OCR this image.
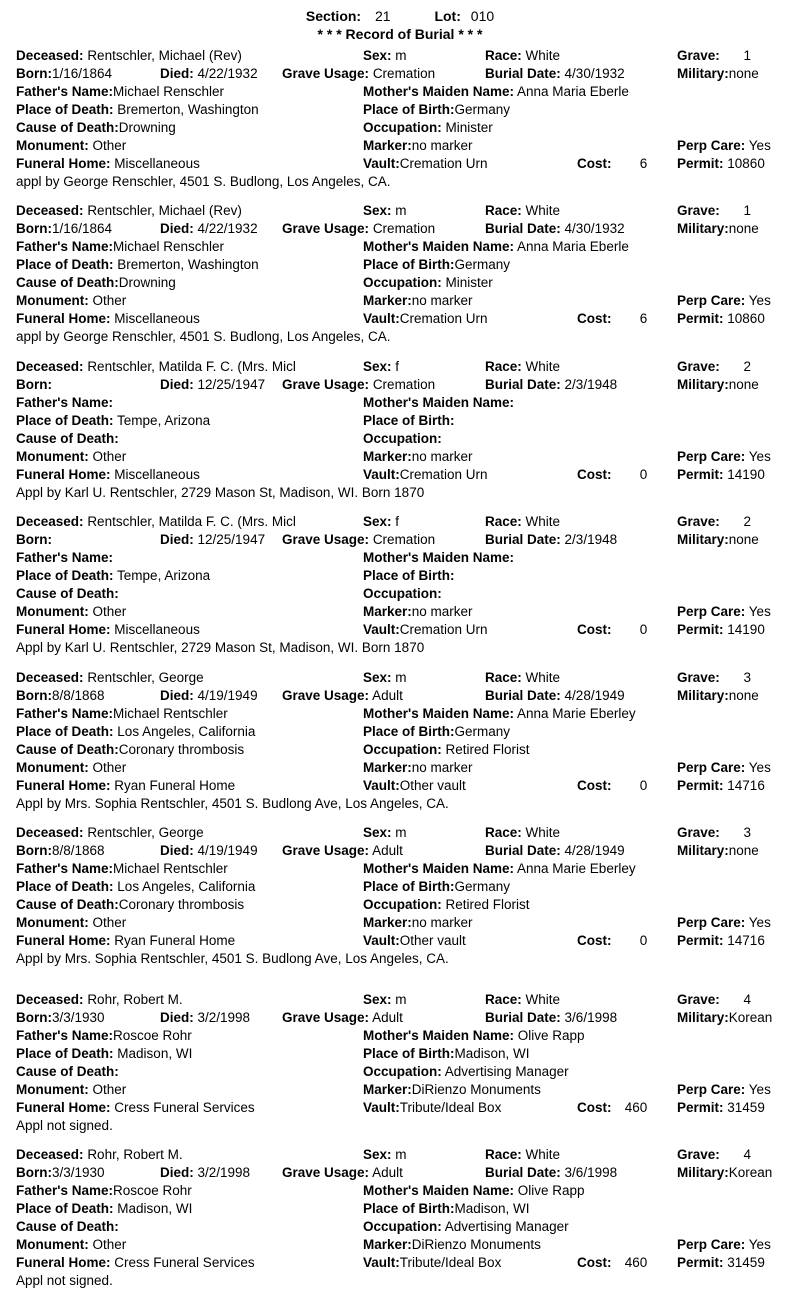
Section: 21	Lot: 010
* * * Record of Burial * * *
Deceased: Rentschler, Michael (Rev)	Sex: m	Race: White	Grave: 1
Born:1/16/1864	Died: 4/22/1932 Grave Usage: Cremation	Burial Date: 4/30/1932	Military:none
Father's Name:Michael Renschler	Mother's Maiden Name: Anna Maria Eberle
Place of Death: Bremerton, Washington	Place of Birth:Germany
Cause of Death:Drowning	Occupation: Minister
Monument: Other	Marker:no marker	Perp Care: Yes
Funeral Home: Miscellaneous	Vault:Cremation Urn	Cost: 6 Permit: 10860
appl by George Renschler, 4501 S. Budlong, Los Angeles, CA.
Deceased: Rentschler, Michael (Rev)	Sex: m	Race: White	Grave: 1
Born:1/16/1864	Died: 4/22/1932 Grave Usage: Cremation	Burial Date: 4/30/1932	Military:none
Father's Name:Michael Renschler	Mother's Maiden Name: Anna Maria Eberle
Place of Death: Bremerton, Washington	Place of Birth:Germany
Cause of Death:Drowning	Occupation: Minister
Monument: Other	Marker:no marker	Perp Care: Yes
Funeral Home: Miscellaneous	Vault:Cremation Urn	Cost: 6 Permit: 10860
appl by George Renschler, 4501 S. Budlong, Los Angeles, CA.
Deceased: Rentschler, Matilda F. C. (Mrs. Micl	Sex: f	Race: White	Grave: 2
Born:	Died: 12/25/1947 Grave Usage: Cremation	Burial Date: 2/3/1948	Military:none
Father's Name:	Mother's Maiden Name:
Place of Death: Tempe, Arizona	Place of Birth:
Cause of Death:	Occupation:
Monument: Other	Marker:no marker	Perp Care: Yes
Funeral Home: Miscellaneous	Vault:Cremation Urn	Cost: 0 Permit: 14190
Appl by Karl U. Rentschler, 2729 Mason St, Madison, WI. Born 1870
Deceased: Rentschler, Matilda F. C. (Mrs. Micl	Sex: f	Race: White	Grave: 2
Born:	Died: 12/25/1947 Grave Usage: Cremation	Burial Date: 2/3/1948	Military:none
Father's Name:	Mother's Maiden Name:
Place of Death: Tempe, Arizona	Place of Birth:
Cause of Death:	Occupation:
Monument: Other	Marker:no marker	Perp Care: Yes
Funeral Home: Miscellaneous	Vault:Cremation Urn	Cost: 0 Permit: 14190
Appl by Karl U. Rentschler, 2729 Mason St, Madison, WI. Born 1870
Deceased: Rentschler, George	Sex: m	Race: White	Grave: 3
Born:8/8/1868	Died: 4/19/1949 Grave Usage: Adult	Burial Date: 4/28/1949	Military:none
Father's Name:Michael Rentschler	Mother's Maiden Name: Anna Marie Eberley
Place of Death: Los Angeles, California	Place of Birth:Germany
Cause of Death:Coronary thrombosis	Occupation: Retired Florist
Monument: Other	Marker:no marker	Perp Care: Yes
Funeral Home: Ryan Funeral Home	Vault:Other vault	Cost: 0 Permit: 14716
Appl by Mrs. Sophia Rentschler, 4501 S. Budlong Ave, Los Angeles, CA.
Deceased: Rentschler, George	Sex: m	Race: White	Grave: 3
Born:8/8/1868	Died: 4/19/1949 Grave Usage: Adult	Burial Date: 4/28/1949	Military:none
Father's Name:Michael Rentschler	Mother's Maiden Name: Anna Marie Eberley
Place of Death: Los Angeles, California	Place of Birth:Germany
Cause of Death:Coronary thrombosis	Occupation: Retired Florist
Monument: Other	Marker:no marker	Perp Care: Yes
Funeral Home: Ryan Funeral Home	Vault:Other vault	Cost: 0 Permit: 14716
Appl by Mrs. Sophia Rentschler, 4501 S. Budlong Ave, Los Angeles, CA.
Deceased: Rohr, Robert M.	Sex: m	Race: White	Grave: 4
Born:3/3/1930	Died: 3/2/1998 Grave Usage: Adult	Burial Date: 3/6/1998	Military:Korean
Father's Name:Roscoe Rohr	Mother's Maiden Name: Olive Rapp
Place of Death: Madison, WI	Place of Birth:Madison, WI
Cause of Death:	Occupation: Advertising Manager
Monument: Other	Marker:DiRienzo Monuments	Perp Care: Yes
Funeral Home: Cress Funeral Services	Vault:Tribute/Ideal Box	Cost: 460 Permit: 31459
Appl not signed.
Deceased: Rohr, Robert M.	Sex: m	Race: White	Grave: 4
Born:3/3/1930	Died: 3/2/1998 Grave Usage: Adult	Burial Date: 3/6/1998	Military:Korean
Father's Name:Roscoe Rohr	Mother's Maiden Name: Olive Rapp
Place of Death: Madison, WI	Place of Birth:Madison, WI
Cause of Death:	Occupation: Advertising Manager
Monument: Other	Marker:DiRienzo Monuments	Perp Care: Yes
Funeral Home: Cress Funeral Services	Vault:Tribute/Ideal Box	Cost: 460 Permit: 31459
Appl not signed.
